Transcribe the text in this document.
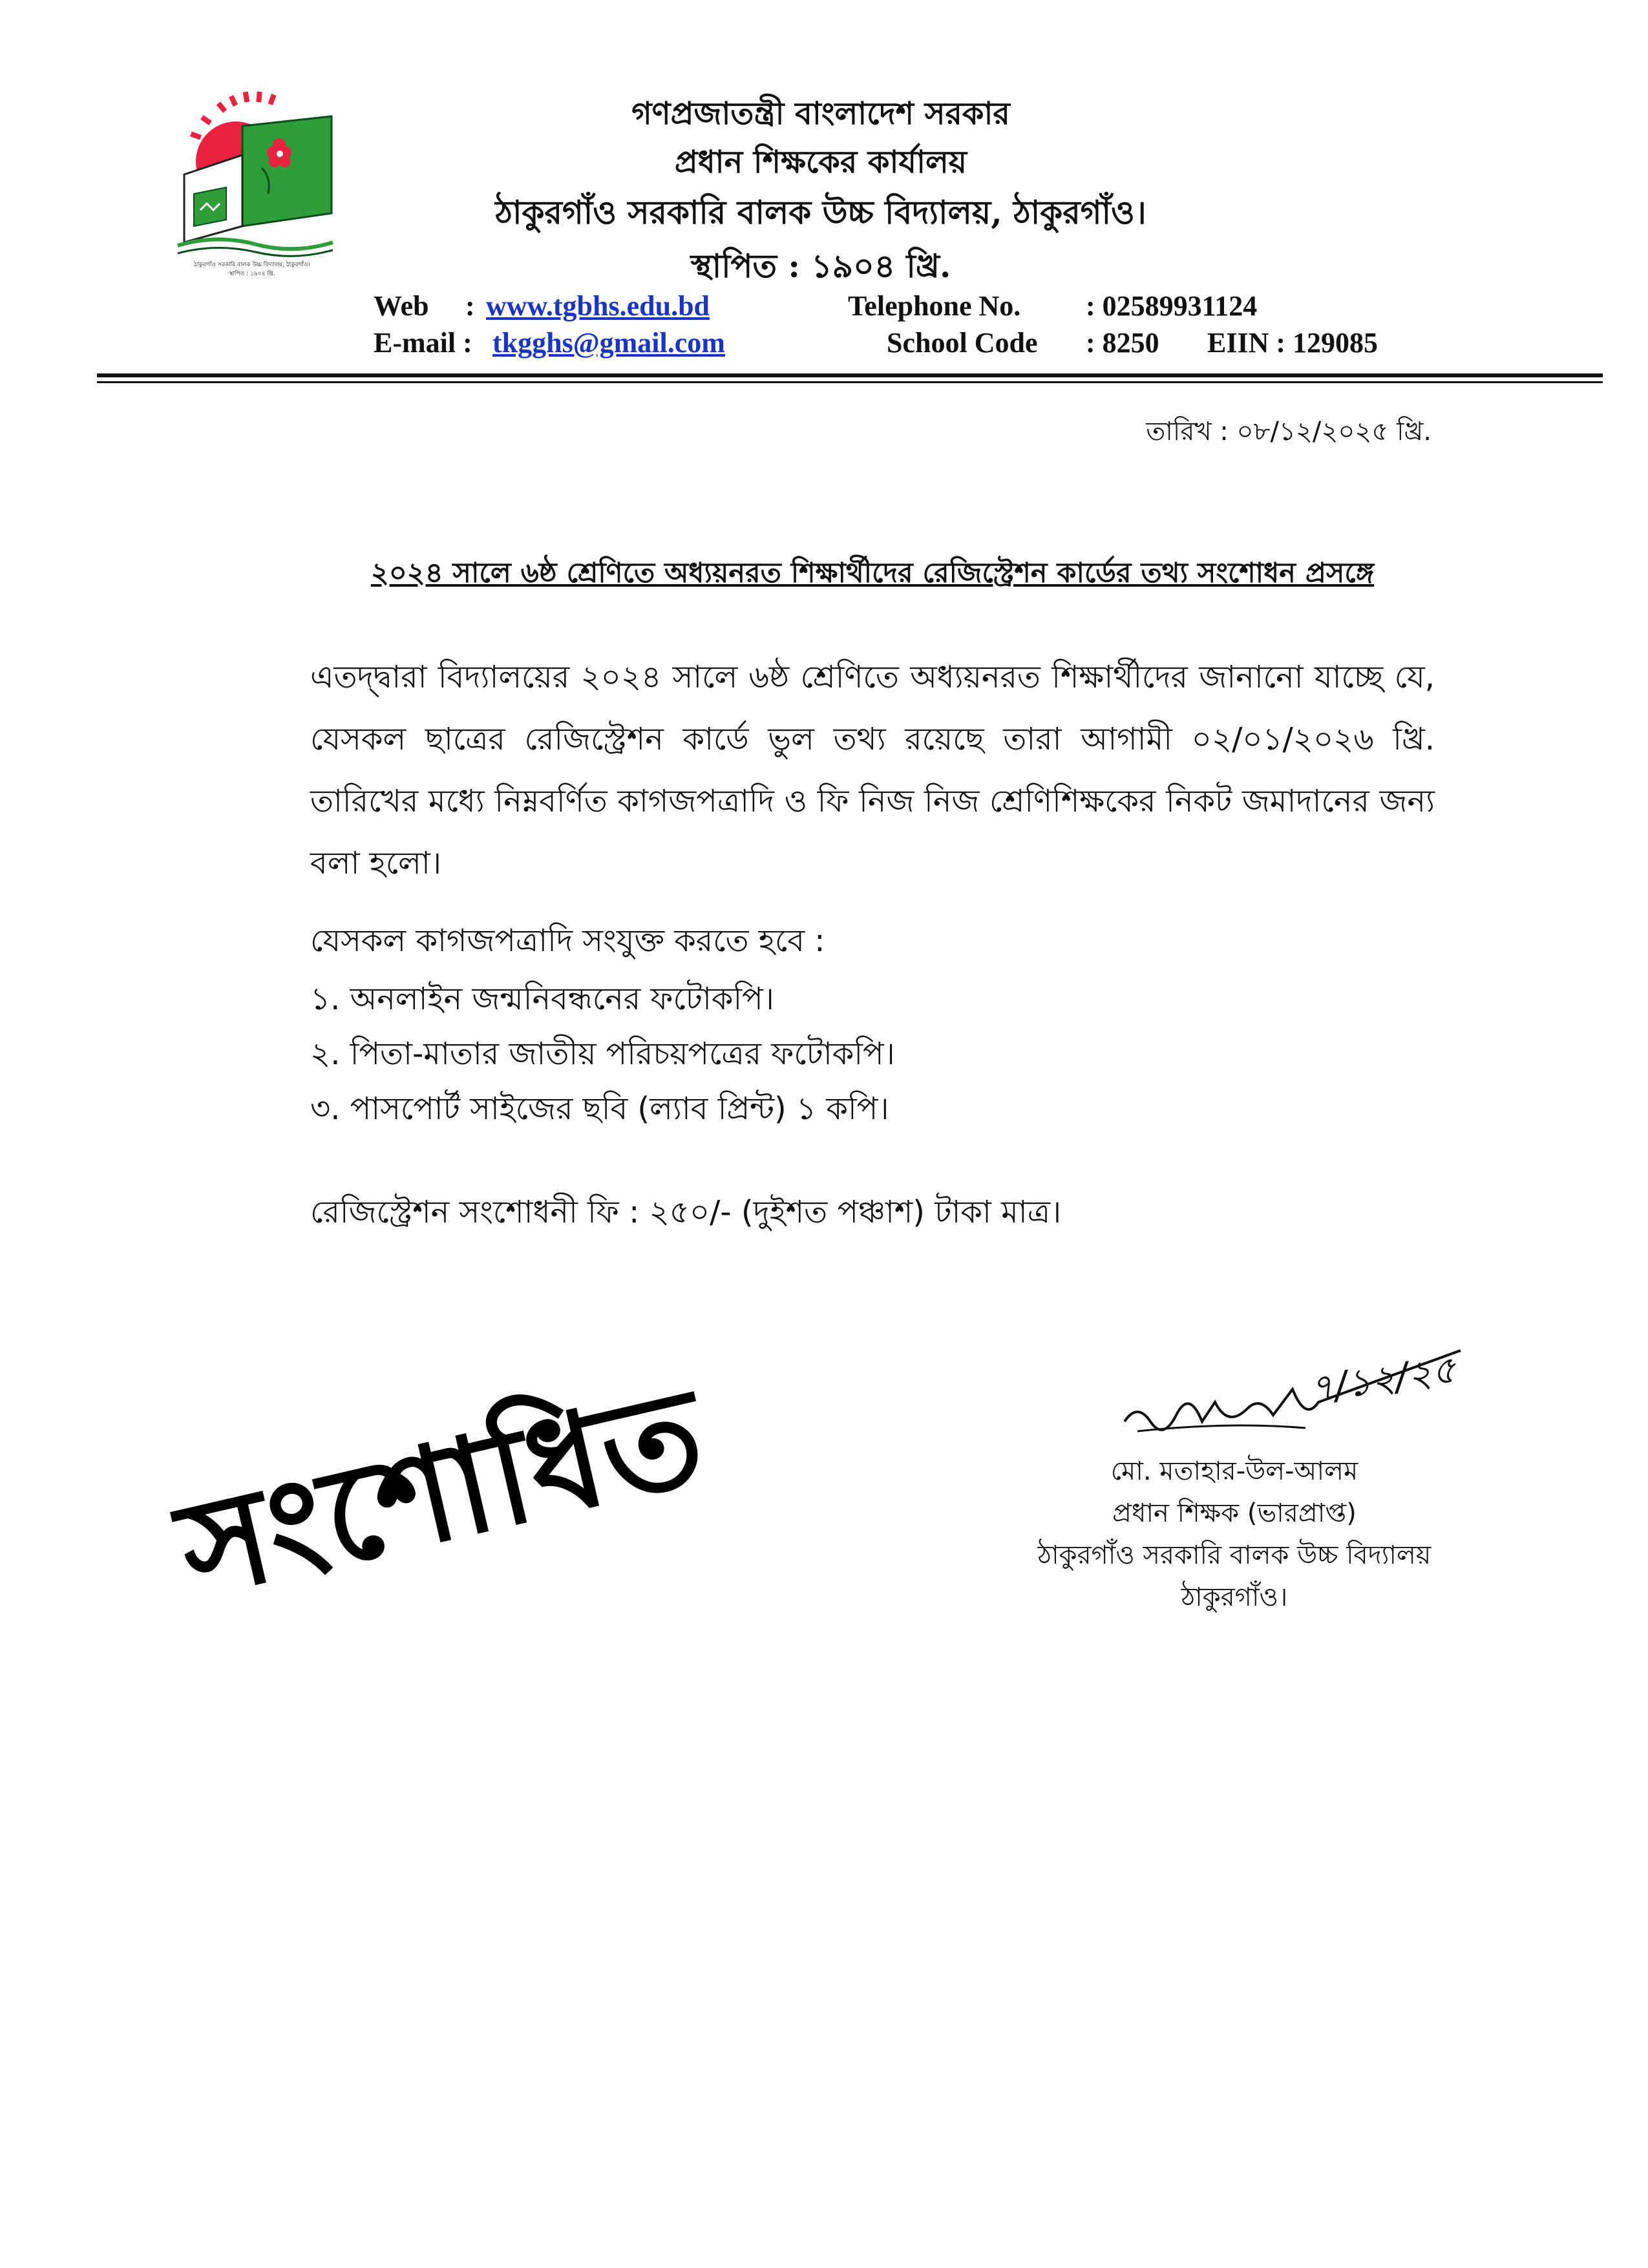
ঠাকুরগাঁও সরকারি বালক উচ্চ বিদ্যালয়, ঠাকুরগাঁও।
স্থাপিত : ১৯০৪ খ্রি.
গণপ্রজাতন্ত্রী বাংলাদেশ সরকার
প্রধান শিক্ষকের কার্যালয়
ঠাকুরগাঁও সরকারি বালক উচ্চ বিদ্যালয়, ঠাকুরগাঁও।
স্থাপিত : ১৯০৪ খ্রি.
Web : www.tgbhs.edu.bd	Telephone No. : 02589931124
E-mail : tkgghs@gmail.com	School Code : 8250 EIIN : 129085
তারিখ : ০৮/১২/২০২৫ খ্রি.
২০২৪ সালে ৬ষ্ঠ শ্রেণিতে অধ্যয়নরত শিক্ষার্থীদের রেজিস্ট্রেশন কার্ডের তথ্য সংশোধন প্রসঙ্গে
এতদ্দ্বারা বিদ্যালয়ের ২০২৪ সালে ৬ষ্ঠ শ্রেণিতে অধ্যয়নরত শিক্ষার্থীদের জানানো যাচ্ছে যে, যেসকল ছাত্রের রেজিস্ট্রেশন কার্ডে ভুল তথ্য রয়েছে তারা আগামী ০২/০১/২০২৬ খ্রি. তারিখের মধ্যে নিম্নবর্ণিত কাগজপত্রাদি ও ফি নিজ নিজ শ্রেণিশিক্ষকের নিকট জমাদানের জন্য বলা হলো।
যেসকল কাগজপত্রাদি সংযুক্ত করতে হবে :
১. অনলাইন জন্মনিবন্ধনের ফটোকপি।
২. পিতা-মাতার জাতীয় পরিচয়পত্রের ফটোকপি।
৩. পাসপোর্ট সাইজের ছবি (ল্যাব প্রিন্ট) ১ কপি।
রেজিস্ট্রেশন সংশোধনী ফি : ২৫০/- (দুইশত পঞ্চাশ) টাকা মাত্র।
সংশোধিত	৭/১২/২৫
মো. মতাহার-উল-আলম
প্রধান শিক্ষক (ভারপ্রাপ্ত)
ঠাকুরগাঁও সরকারি বালক উচ্চ বিদ্যালয়
ঠাকুরগাঁও।
